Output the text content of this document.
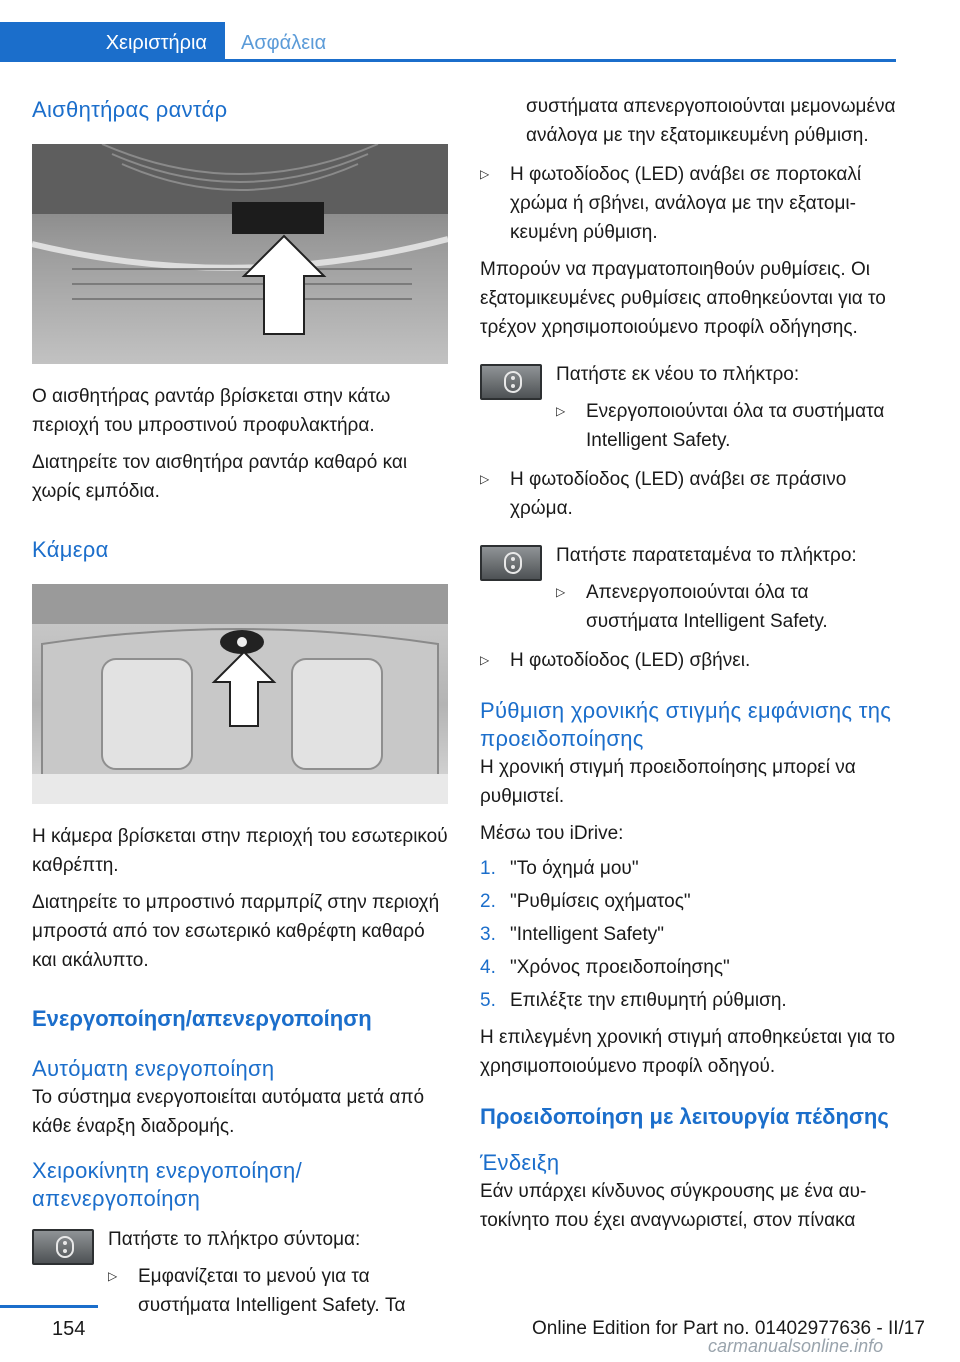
Χειριστήρια	Ασφάλεια
Αισθητήρας ραντάρ

Ο αισθητήρας ραντάρ βρίσκεται στην κάτω περιοχή του μπροστινού προφυλακτήρα.

Διατηρείτε τον αισθητήρα ραντάρ καθαρό και χωρίς εμπόδια.

Κάμερα

Η κάμερα βρίσκεται στην περιοχή του εσωτερικού καθρέπτη.

Διατηρείτε το μπροστινό παρμπρίζ στην περιοχή μπροστά από τον εσωτερικό καθρέφτη καθαρό και ακάλυπτο.

Ενεργοποίηση/απενεργοποίηση
Αυτόματη ενεργοποίηση

Το σύστημα ενεργοποιείται αυτόματα μετά από κάθε έναρξη διαδρομής.

Χειροκίνητη ενεργοποίηση/ απενεργοποίηση

Πατήστε το πλήκτρο σύντομα:

▷ Εμφανίζεται το μενού για τα συστήματα Intelligent Safety. Τα

συστήματα απενεργοποιούνται μεμονωμένα ανάλογα με την εξατομικευμένη ρύθμιση.

▷ Η φωτοδίοδος (LED) ανάβει σε πορτοκαλί χρώμα ή σβήνει, ανάλογα με την εξατομικευμένη ρύθμιση.

Μπορούν να πραγματοποιηθούν ρυθμίσεις. Οι εξατομικευμένες ρυθμίσεις αποθηκεύονται για το τρέχον χρησιμοποιούμενο προφίλ οδήγησης.

Πατήστε εκ νέου το πλήκτρο:

▷ Ενεργοποιούνται όλα τα συστήματα Intelligent Safety.

▷ Η φωτοδίοδος (LED) ανάβει σε πράσινο χρώμα.

Πατήστε παρατεταμένα το πλήκτρο:

▷ Απενεργοποιούνται όλα τα συστήματα Intelligent Safety.

▷ Η φωτοδίοδος (LED) σβήνει.

Ρύθμιση χρονικής στιγμής εμφάνισης της προειδοποίησης

Η χρονική στιγμή προειδοποίησης μπορεί να ρυθμιστεί.

Μέσω του iDrive:

1. "Το όχημά μου"

2. "Ρυθμίσεις οχήματος"

3. "Intelligent Safety"

4. "Χρόνος προειδοποίησης"

5. Επιλέξτε την επιθυμητή ρύθμιση.

Η επιλεγμένη χρονική στιγμή αποθηκεύεται για το χρησιμοποιούμενο προφίλ οδηγού.

Προειδοποίηση με λειτουργία πέδησης
Ένδειξη

Εάν υπάρχει κίνδυνος σύγκρουσης με ένα αυτοκίνητο που έχει αναγνωριστεί, στον πίνακα

154	Online Edition for Part no. 01402977636 - II/17
carmanualsonline.info
